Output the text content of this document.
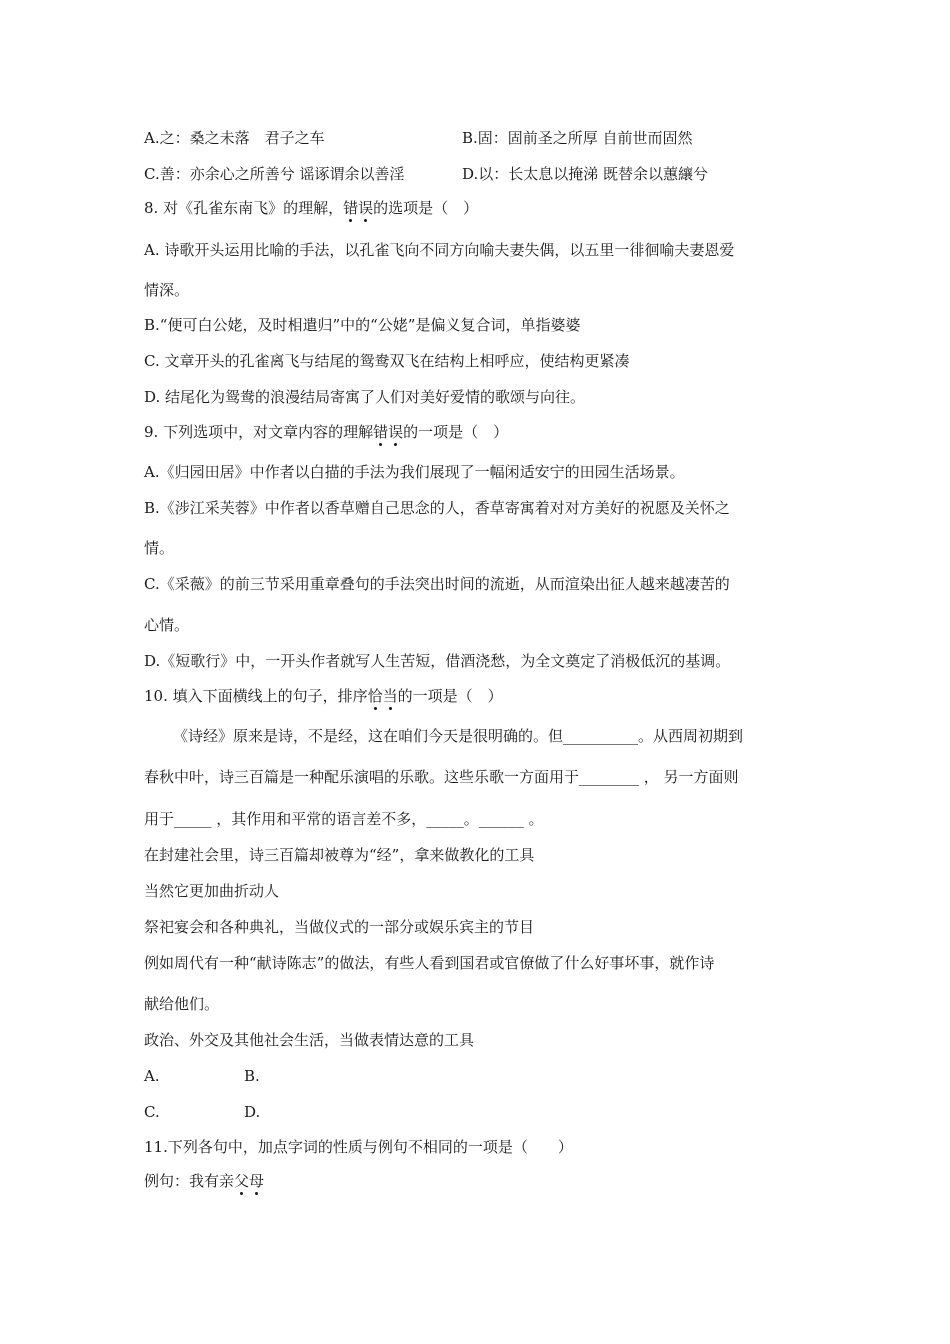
A.之：桑之未落　君子之车	B.固：固前圣之所厚 自前世而固然
C.善：亦余心之所善兮 谣诼谓余以善淫	D.以：长太息以掩涕 既替余以蕙纕兮
8. 对《孔雀东南飞》的理解，错误的选项是（　）
A. 诗歌开头运用比喻的手法，以孔雀飞向不同方向喻夫妻失偶，以五里一徘徊喻夫妻恩爱
情深。
B.“便可白公姥，及时相遣归”中的“公姥”是偏义复合词，单指婆婆
C. 文章开头的孔雀离飞与结尾的鸳鸯双飞在结构上相呼应，使结构更紧凑
D. 结尾化为鸳鸯的浪漫结局寄寓了人们对美好爱情的歌颂与向往。
9. 下列选项中，对文章内容的理解错误的一项是（　）
A.《归园田居》中作者以白描的手法为我们展现了一幅闲适安宁的田园生活场景。
B.《涉江采芙蓉》中作者以香草赠自己思念的人，香草寄寓着对对方美好的祝愿及关怀之
情。
C.《采薇》的前三节采用重章叠句的手法突出时间的流逝，从而渲染出征人越来越凄苦的
心情。
D.《短歌行》中，一开头作者就写人生苦短，借酒浇愁，为全文奠定了消极低沉的基调。
10. 填入下面横线上的句子，排序恰当的一项是（　）
《诗经》原来是诗，不是经，这在咱们今天是很明确的。但__________。从西周初期到
春秋中叶，诗三百篇是一种配乐演唱的乐歌。这些乐歌一方面用于________ ， 另一方面则
用于_____ ，其作用和平常的语言差不多，_____。______ 。
在封建社会里，诗三百篇却被尊为“经”，拿来做教化的工具
当然它更加曲折动人
祭祀宴会和各种典礼，当做仪式的一部分或娱乐宾主的节目
例如周代有一种“献诗陈志”的做法，有些人看到国君或官僚做了什么好事坏事，就作诗
献给他们。
政治、外交及其他社会生活，当做表情达意的工具
A.	B.
C.	D.
11.下列各句中，加点字词的性质与例句不相同的一项是（　　）
例句：我有亲父母
